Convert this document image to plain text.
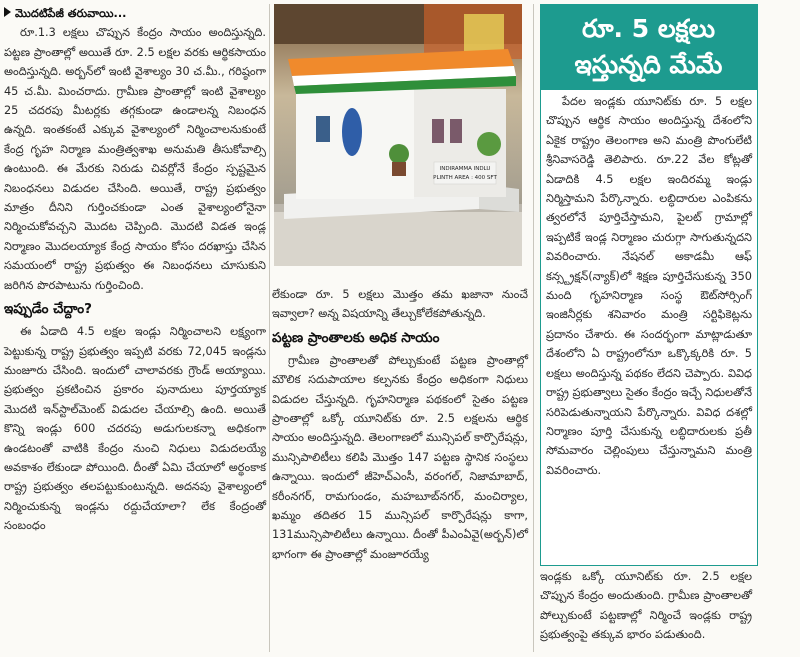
మొదటిపేజీ తరువాయి...

రూ.1.3 లక్షలు చొప్పున కేంద్రం సాయం అందిస్తున్నది. పట్టణ ప్రాంతాల్లో అయితే రూ. 2.5 లక్షల వరకు ఆర్థికసాయం అందిస్తున్నది. అర్బన్‌లో ఇంటి వైశాల్యం 30 చ.మీ., గరిష్ఠంగా 45 చ.మీ. మించరాదు. గ్రామీణ ప్రాంతాల్లో ఇంటి వైశాల్యం 25 చదరపు మీటర్లకు తగ్గకుండా ఉండాలన్న నిబంధన ఉన్నది. ఇంతకంటే ఎక్కువ వైశాల్యంలో నిర్మించాలనుకుంటే కేంద్ర గృహ నిర్మాణ మంత్రిత్వశాఖ అనుమతి తీసుకోవాల్సి ఉంటుంది. ఈ మేరకు నిరుడు చివర్లోనే కేంద్రం స్పష్టమైన నిబంధనలు విడుదల చేసింది. అయితే, రాష్ట్ర ప్రభుత్వం మాత్రం దీనిని గుర్తించకుండా ఎంత వైశాల్యంలోనైనా నిర్మించుకోవచ్చని మొదట చెప్పింది. మొదటి విడత ఇండ్ల నిర్మాణం మొదలయ్యాక కేంద్ర సాయం కోసం దరఖాస్తు చేసిన సమయంలో రాష్ట్ర ప్రభుత్వం ఈ నిబంధనలు చూసుకుని జరిగిన పొరపాటును గుర్తించింది.

ఇప్పుడేం చేద్దాం?

ఈ ఏడాది 4.5 లక్షల ఇండ్లు నిర్మించాలని లక్ష్యంగా పెట్టుకున్న రాష్ట్ర ప్రభుత్వం ఇప్పటి వరకు 72,045 ఇండ్లను మంజూరు చేసింది. ఇందులో చాలావరకు గ్రౌండ్ అయ్యాయి. ప్రభుత్వం ప్రకటించిన ప్రకారం పునాదులు పూర్తయ్యాక మొదటి ఇన్‌స్టాల్‌మెంట్ విడుదల చేయాల్సి ఉంది. అయితే కొన్ని ఇండ్లు 600 చదరపు అడుగులకన్నా అధికంగా ఉండటంతో వాటికి కేంద్రం నుంచి నిధులు విడుదలయ్యే అవకాశం లేకుండా పోయింది. దీంతో ఏమి చేయాలో అర్థంకాక రాష్ట్ర ప్రభుత్వం తలపట్టుకుంటున్నది. అదనపు వైశాల్యంలో నిర్మించుకున్న ఇండ్లను రద్దుచేయాలా? లేక కేంద్రంతో సంబంధం

INDIRAMMA INDLU
PLINTH AREA : 400 SFT

లేకుండా రూ. 5 లక్షలు మొత్తం తమ ఖజానా నుంచే ఇవ్వాలా? అన్న విషయాన్ని తేల్చుకోలేకపోతున్నది.

పట్టణ ప్రాంతాలకు అధిక సాయం

గ్రామీణ ప్రాంతాలతో పోల్చుకుంటే పట్టణ ప్రాంతాల్లో మౌలిక సదుపాయాల కల్పనకు కేంద్రం అధికంగా నిధులు విడుదల చేస్తున్నది. గృహనిర్మాణ పథకంలో సైతం పట్టణ ప్రాంతాల్లో ఒక్కో యూనిట్‌కు రూ. 2.5 లక్షలను ఆర్థిక సాయం అందిస్తున్నది. తెలంగాణలో మున్సిపల్ కార్పొరేషన్లు, మున్సిపాలిటీలు కలిపి మొత్తం 147 పట్టణ స్థానిక సంస్థలు ఉన్నాయి. ఇందులో జీహెచ్ఎంసీ, వరంగల్, నిజామాబాద్, కరీంనగర్, రామగుండం, మహబూబ్‌నగర్, మంచిర్యాల, ఖమ్మం తదితర 15 మున్సిపల్ కార్పొరేషన్లు కాగా, 131మున్సిపాలిటీలు ఉన్నాయి. దీంతో పీఎంఏవై(అర్బన్)లో భాగంగా ఈ ప్రాంతాల్లో మంజూరయ్యే

రూ. 5 లక్షలు
ఇస్తున్నది మేమే

పేదల ఇండ్లకు యూనిట్‌కు రూ. 5 లక్షల చొప్పున ఆర్థిక సాయం అందిస్తున్న దేశంలోని ఏకైక రాష్ట్రం తెలంగాణ అని మంత్రి పొంగులేటి శ్రీనివాసరెడ్డి తెలిపారు. రూ.22 వేల కోట్లతో ఏడాదికి 4.5 లక్షల ఇందిరమ్మ ఇండ్లు నిర్మిస్తామని పేర్కొన్నారు. లబ్ధిదారుల ఎంపికను త్వరలోనే పూర్తిచేస్తామని, పైలట్ గ్రామాల్లో ఇప్పటికే ఇండ్ల నిర్మాణం చురుగ్గా సాగుతున్నదని వివరించారు. నేషనల్ అకాడమీ ఆఫ్ కన్స్ట్రక్షన్(న్యాక్)లో శిక్షణ పూర్తిచేసుకున్న 350 మంది గృహనిర్మాణ సంస్థ ఔట్‌సోర్సింగ్ ఇంజినీర్లకు శనివారం మంత్రి సర్టిఫికెట్లను ప్రదానం చేశారు. ఈ సందర్భంగా మాట్లాడుతూ దేశంలోని ఏ రాష్ట్రంలోనూ ఒక్కొక్కరికి రూ. 5 లక్షలు అందిస్తున్న పథకం లేదని చెప్పారు. వివిధ రాష్ట్ర ప్రభుత్వాలు సైతం కేంద్రం ఇచ్చే నిధులతోనే సరిపెడుతున్నాయని పేర్కొన్నారు. వివిధ దశల్లో నిర్మాణం పూర్తి చేసుకున్న లబ్ధిదారులకు ప్రతీ సోమవారం చెల్లింపులు చేస్తున్నామని మంత్రి వివరించారు.

ఇండ్లకు ఒక్కో యూనిట్‌కు రూ. 2.5 లక్షల చొప్పున కేంద్రం అందుతుంది. గ్రామీణ ప్రాంతాలతో పోల్చుకుంటే పట్టణాల్లో నిర్మించే ఇండ్లకు రాష్ట్ర ప్రభుత్వంపై తక్కువ భారం పడుతుంది.
